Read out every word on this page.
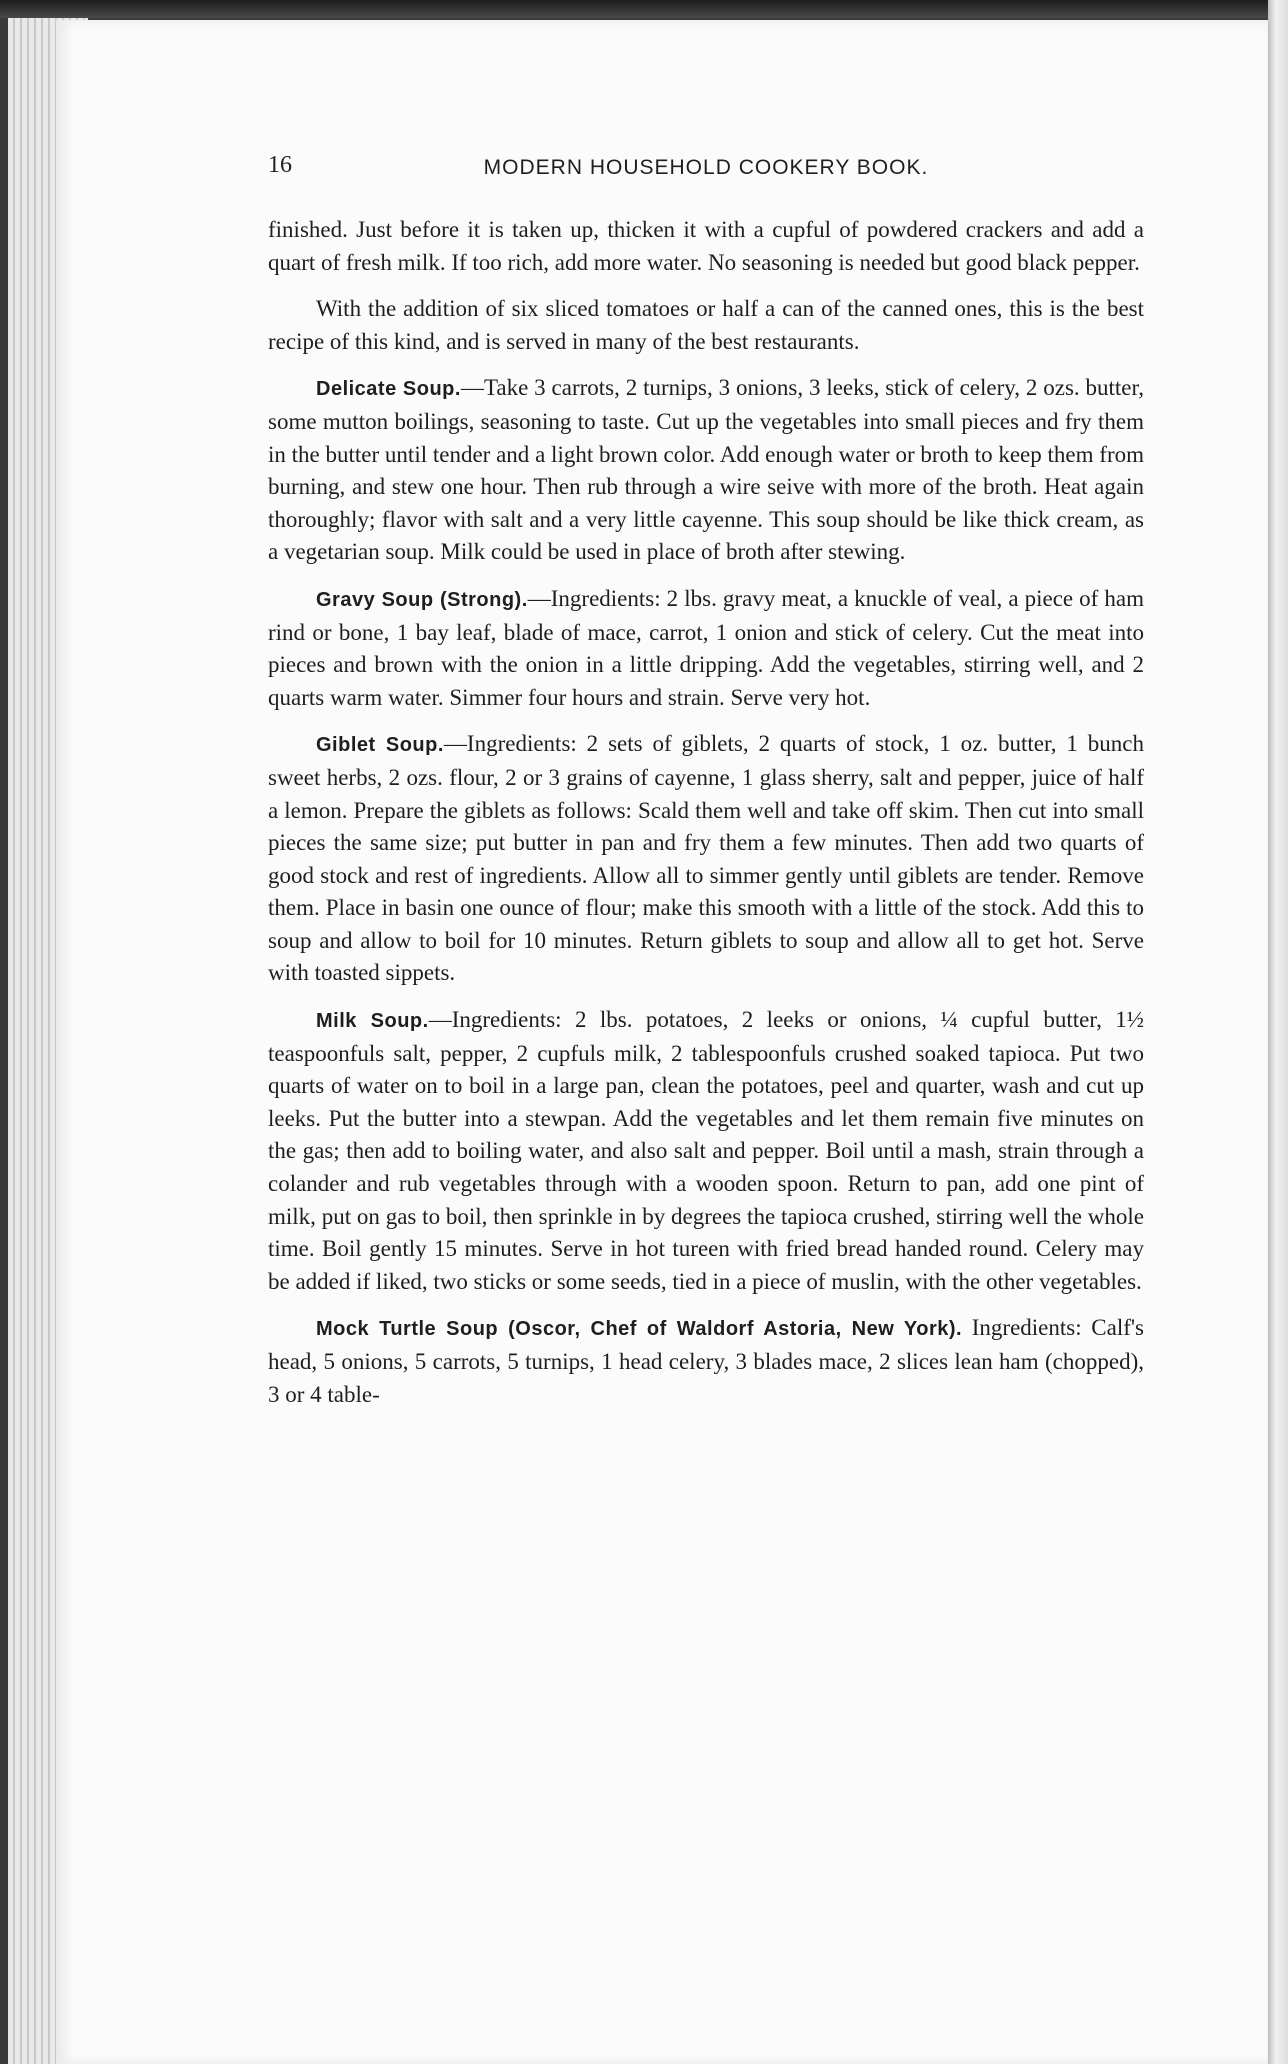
16	MODERN HOUSEHOLD COOKERY BOOK.

finished. Just before it is taken up, thicken it with a cupful of powdered crackers and add a quart of fresh milk. If too rich, add more water. No seasoning is needed but good black pepper.

With the addition of six sliced tomatoes or half a can of the canned ones, this is the best recipe of this kind, and is served in many of the best restaurants.

Delicate Soup.—Take 3 carrots, 2 turnips, 3 onions, 3 leeks, stick of celery, 2 ozs. butter, some mutton boilings, seasoning to taste. Cut up the vegetables into small pieces and fry them in the butter until tender and a light brown color. Add enough water or broth to keep them from burning, and stew one hour. Then rub through a wire seive with more of the broth. Heat again thoroughly; flavor with salt and a very little cayenne. This soup should be like thick cream, as a vegetarian soup. Milk could be used in place of broth after stewing.

Gravy Soup (Strong).—Ingredients: 2 lbs. gravy meat, a knuckle of veal, a piece of ham rind or bone, 1 bay leaf, blade of mace, carrot, 1 onion and stick of celery. Cut the meat into pieces and brown with the onion in a little dripping. Add the vegetables, stirring well, and 2 quarts warm water. Simmer four hours and strain. Serve very hot.

Giblet Soup.—Ingredients: 2 sets of giblets, 2 quarts of stock, 1 oz. butter, 1 bunch sweet herbs, 2 ozs. flour, 2 or 3 grains of cayenne, 1 glass sherry, salt and pepper, juice of half a lemon. Prepare the giblets as follows: Scald them well and take off skim. Then cut into small pieces the same size; put butter in pan and fry them a few minutes. Then add two quarts of good stock and rest of ingredients. Allow all to simmer gently until giblets are tender. Remove them. Place in basin one ounce of flour; make this smooth with a little of the stock. Add this to soup and allow to boil for 10 minutes. Return giblets to soup and allow all to get hot. Serve with toasted sippets.

Milk Soup.—Ingredients: 2 lbs. potatoes, 2 leeks or onions, ¼ cupful butter, 1½ teaspoonfuls salt, pepper, 2 cupfuls milk, 2 tablespoonfuls crushed soaked tapioca. Put two quarts of water on to boil in a large pan, clean the potatoes, peel and quarter, wash and cut up leeks. Put the butter into a stewpan. Add the vegetables and let them remain five minutes on the gas; then add to boiling water, and also salt and pepper. Boil until a mash, strain through a colander and rub vegetables through with a wooden spoon. Return to pan, add one pint of milk, put on gas to boil, then sprinkle in by degrees the tapioca crushed, stirring well the whole time. Boil gently 15 minutes. Serve in hot tureen with fried bread handed round. Celery may be added if liked, two sticks or some seeds, tied in a piece of muslin, with the other vegetables.

Mock Turtle Soup (Oscor, Chef of Waldorf Astoria, New York). Ingredients: Calf's head, 5 onions, 5 carrots, 5 turnips, 1 head celery, 3 blades mace, 2 slices lean ham (chopped), 3 or 4 table-
